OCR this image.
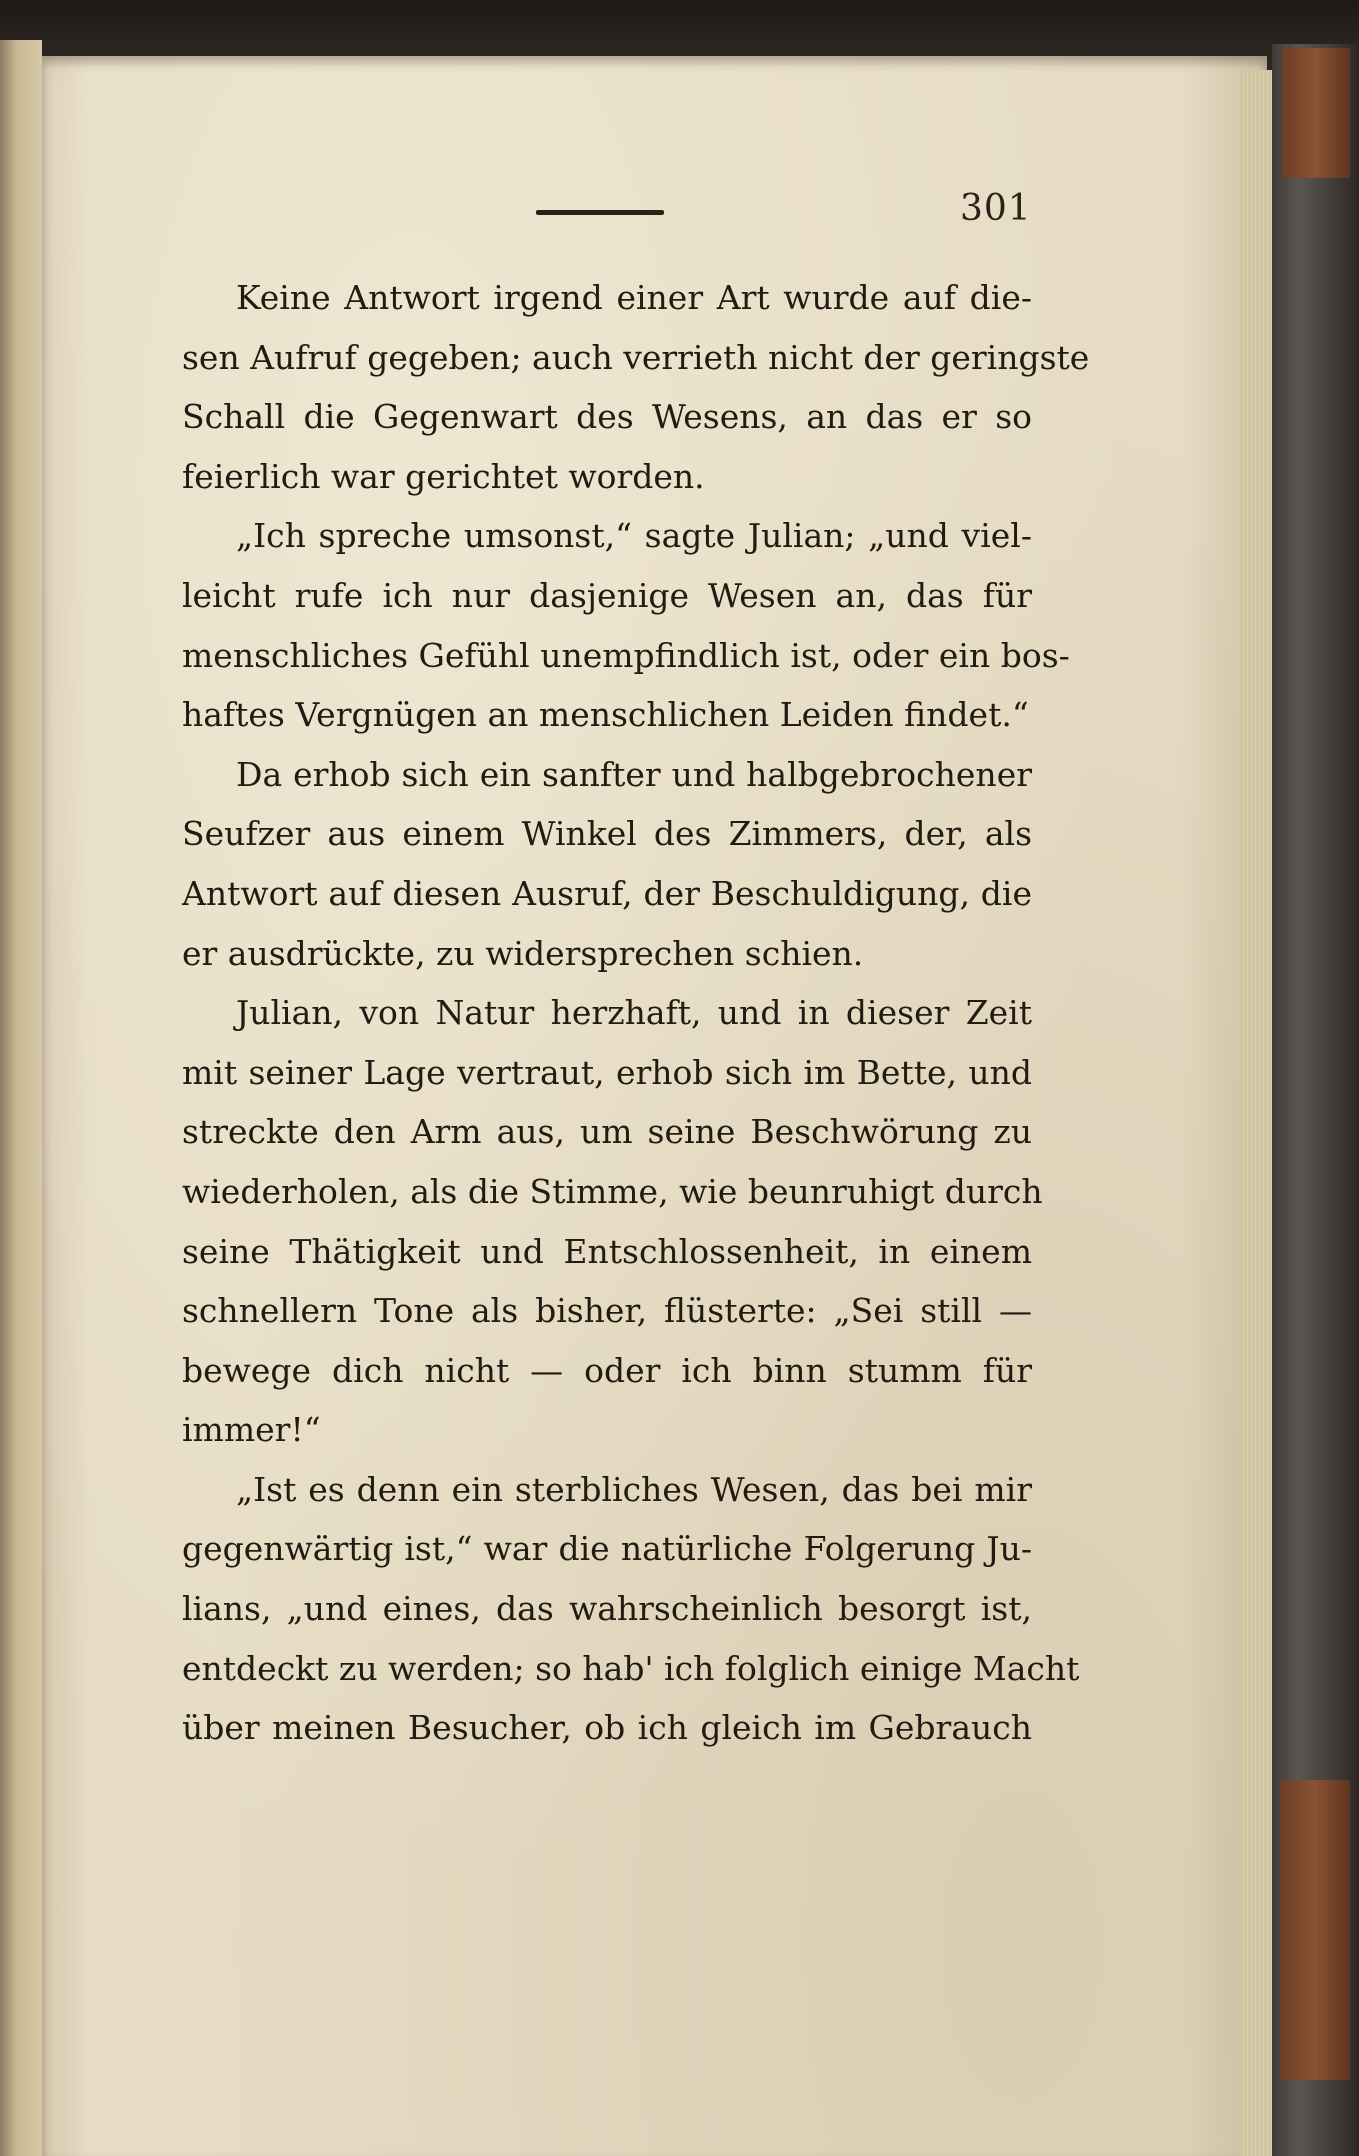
301
Keine Antwort irgend einer Art wurde auf die-
sen Aufruf gegeben; auch verrieth nicht der geringste
Schall die Gegenwart des Wesens, an das er so
feierlich war gerichtet worden.
„Ich spreche umsonst,“ sagte Julian; „und viel-
leicht rufe ich nur dasjenige Wesen an, das für
menschliches Gefühl unempfindlich ist, oder ein bos-
haftes Vergnügen an menschlichen Leiden findet.“
Da erhob sich ein sanfter und halbgebrochener
Seufzer aus einem Winkel des Zimmers, der, als
Antwort auf diesen Ausruf, der Beschuldigung, die
er ausdrückte, zu widersprechen schien.
Julian, von Natur herzhaft, und in dieser Zeit
mit seiner Lage vertraut, erhob sich im Bette, und
streckte den Arm aus, um seine Beschwörung zu
wiederholen, als die Stimme, wie beunruhigt durch
seine Thätigkeit und Entschlossenheit, in einem
schnellern Tone als bisher, flüsterte: „Sei still —
bewege dich nicht — oder ich binn stumm für
immer!“
„Ist es denn ein sterbliches Wesen, das bei mir
gegenwärtig ist,“ war die natürliche Folgerung Ju-
lians, „und eines, das wahrscheinlich besorgt ist,
entdeckt zu werden; so hab' ich folglich einige Macht
über meinen Besucher, ob ich gleich im Gebrauch
